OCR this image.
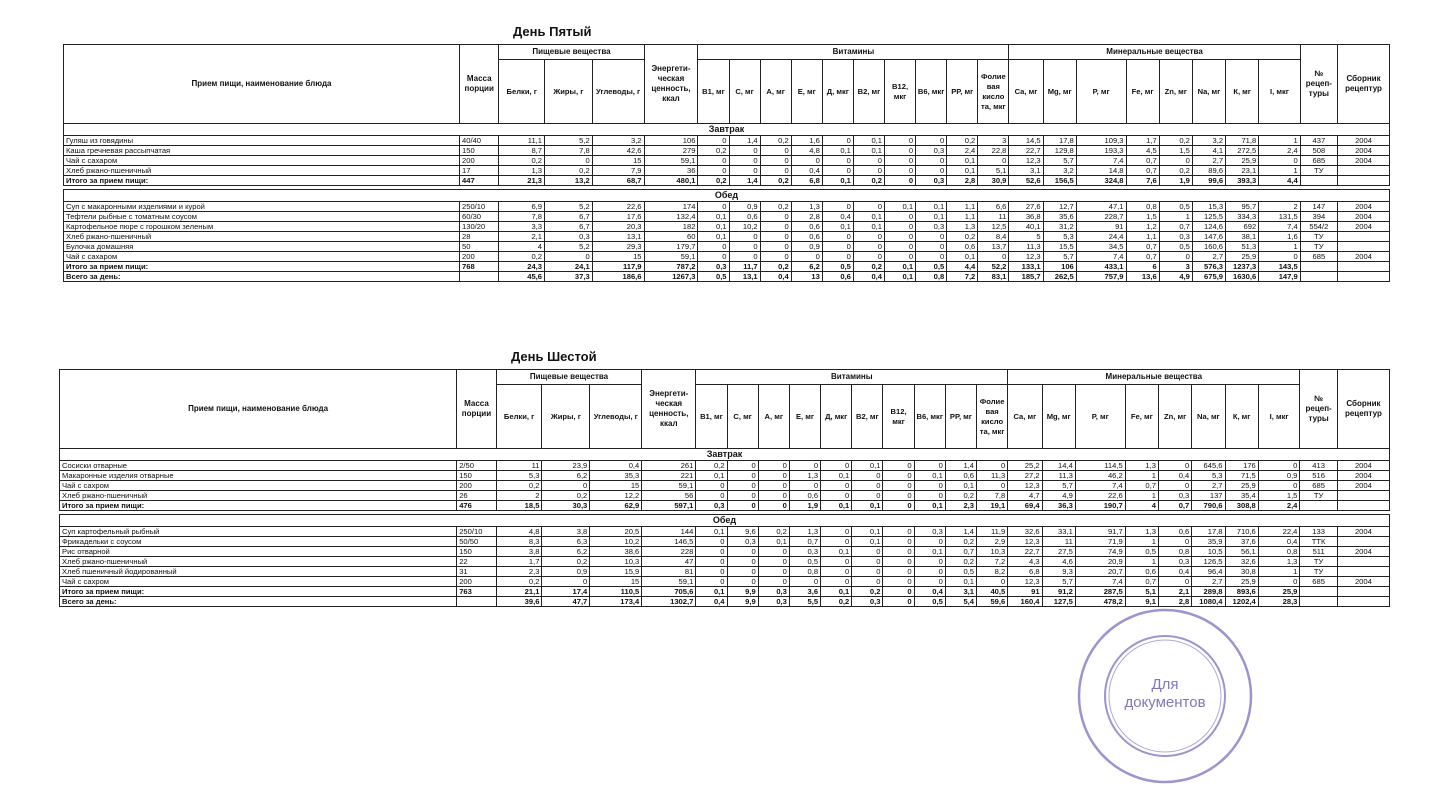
День Пятый
Прием пищи, наименование блюда	Масса порции	Пищевые вещества			Энергети-ческая ценность, ккал	Витамины										Минеральные вещества								№ рецеп-туры	Сборник рецептур
		Белки, г	Жиры, г	Углеводы, г		В1, мг	С, мг	А, мг	Е, мг	Д, мкг	В2, мг	В12, мкг	В6, мкг	РР, мг	Фолие вая кисло та, мкг	Са, мг	Mg, мг	Р, мг	Fe, мг	Zn, мг	Na, мг	К, мг	I, мкг		
Завтрак																									
Гуляш из говядины	40/40	11,1	5,2	3,2	106	0	1,4	0,2	1,6	0	0,1	0	0	0,2	3	14,5	17,8	109,3	1,7	0,2	3,2	71,8	1	437	2004
Каша гречневая рассыпчатая	150	8,7	7,8	42,6	279	0,2	0	0	4,8	0,1	0,1	0	0,3	2,4	22,8	22,7	129,8	193,3	4,5	1,5	4,1	272,5	2,4	508	2004
Чай с сахаром	200	0,2	0	15	59,1	0	0	0	0	0	0	0	0	0,1	0	12,3	5,7	7,4	0,7	0	2,7	25,9	0	685	2004
Хлеб ржано-пшеничный	17	1,3	0,2	7,9	36	0	0	0	0,4	0	0	0	0	0,1	5,1	3,1	3,2	14,8	0,7	0,2	89,6	23,1	1	ТУ	
Итого за прием пищи:	447	21,3	13,2	68,7	480,1	0,2	1,4	0,2	6,8	0,1	0,2	0	0,3	2,8	30,9	52,6	156,5	324,8	7,6	1,9	99,6	393,3	4,4		

Обед																									
Суп с макаронными изделиями и курой	250/10	6,9	5,2	22,6	174	0	0,9	0,2	1,3	0	0	0,1	0,1	1,1	6,6	27,6	12,7	47,1	0,8	0,5	15,3	95,7	2	147	2004
Тефтели рыбные с томатным соусом	60/30	7,8	6,7	17,6	132,4	0,1	0,6	0	2,8	0,4	0,1	0	0,1	1,1	11	36,8	35,6	228,7	1,5	1	125,5	334,3	131,5	394	2004
Картофельное пюре с горошком зеленым	130/20	3,3	6,7	20,3	182	0,1	10,2	0	0,6	0,1	0,1	0	0,3	1,3	12,5	40,1	31,2	91	1,2	0,7	124,6	692	7,4	554/2	2004
Хлеб ржано-пшеничный	28	2,1	0,3	13,1	60	0,1	0	0	0,6	0	0	0	0	0,2	8,4	5	5,3	24,4	1,1	0,3	147,6	38,1	1,6	ТУ	
Булочка домашняя	50	4	5,2	29,3	179,7	0	0	0	0,9	0	0	0	0	0,6	13,7	11,3	15,5	34,5	0,7	0,5	160,6	51,3	1	ТУ	
Чай с сахаром	200	0,2	0	15	59,1	0	0	0	0	0	0	0	0	0,1	0	12,3	5,7	7,4	0,7	0	2,7	25,9	0	685	2004
Итого за прием пищи:	768	24,3	24,1	117,9	787,2	0,3	11,7	0,2	6,2	0,5	0,2	0,1	0,5	4,4	52,2	133,1	106	433,1	6	3	576,3	1237,3	143,5		
Всего за день:		45,6	37,3	186,6	1267,3	0,5	13,1	0,4	13	0,6	0,4	0,1	0,8	7,2	83,1	185,7	262,5	757,9	13,6	4,9	675,9	1630,6	147,9		
День Шестой
Прием пищи, наименование блюда	Масса порции	Пищевые вещества			Энергети-ческая ценность, ккал	Витамины										Минеральные вещества								№ рецеп-туры	Сборник рецептур
		Белки, г	Жиры, г	Углеводы, г		В1, мг	С, мг	А, мг	Е, мг	Д, мкг	В2, мг	В12, мкг	В6, мкг	РР, мг	Фолие вая кисло та, мкг	Са, мг	Mg, мг	Р, мг	Fe, мг	Zn, мг	Na, мг	К, мг	I, мкг		
Завтрак																									
Сосиски отварные	2/50	11	23,9	0,4	261	0,2	0	0	0	0	0,1	0	0	1,4	0	25,2	14,4	114,5	1,3	0	645,6	176	0	413	2004
Макаронные изделия отварные	150	5,3	6,2	35,3	221	0,1	0	0	1,3	0,1	0	0	0,1	0,6	11,3	27,2	11,3	46,2	1	0,4	5,3	71,5	0,9	516	2004
Чай с сахром	200	0,2	0	15	59,1	0	0	0	0	0	0	0	0	0,1	0	12,3	5,7	7,4	0,7	0	2,7	25,9	0	685	2004
Хлеб ржано-пшеничный	26	2	0,2	12,2	56	0	0	0	0,6	0	0	0	0	0,2	7,8	4,7	4,9	22,6	1	0,3	137	35,4	1,5	ТУ	
Итого за прием пищи:	476	18,5	30,3	62,9	597,1	0,3	0	0	1,9	0,1	0,1	0	0,1	2,3	19,1	69,4	36,3	190,7	4	0,7	790,6	308,8	2,4		

Обед																									
Суп картофельный рыбный	250/10	4,8	3,8	20,5	144	0,1	9,6	0,2	1,3	0	0,1	0	0,3	1,4	11,9	32,6	33,1	91,7	1,3	0,6	17,8	710,6	22,4	133	2004
Фрикадельки с соусом	50/50	8,3	6,3	10,2	146,5	0	0,3	0,1	0,7	0	0,1	0	0	0,2	2,9	12,3	11	71,9	1	0	35,9	37,6	0,4	ТТК	
Рис отварной	150	3,8	6,2	38,6	228	0	0	0	0,3	0,1	0	0	0,1	0,7	10,3	22,7	27,5	74,9	0,5	0,8	10,5	56,1	0,8	511	2004
Хлеб ржано-пшеничный	22	1,7	0,2	10,3	47	0	0	0	0,5	0	0	0	0	0,2	7,2	4,3	4,6	20,9	1	0,3	126,5	32,6	1,3	ТУ	
Хлеб пшеничный йодированный	31	2,3	0,9	15,9	81	0	0	0	0,8	0	0	0	0	0,5	8,2	6,8	9,3	20,7	0,6	0,4	96,4	30,8	1	ТУ	
Чай с сахром	200	0,2	0	15	59,1	0	0	0	0	0	0	0	0	0,1	0	12,3	5,7	7,4	0,7	0	2,7	25,9	0	685	2004
Итого за прием пищи:	763	21,1	17,4	110,5	705,6	0,1	9,9	0,3	3,6	0,1	0,2	0	0,4	3,1	40,5	91	91,2	287,5	5,1	2,1	289,8	893,6	25,9		
Всего за день:		39,6	47,7	173,4	1302,7	0,4	9,9	0,3	5,5	0,2	0,3	0	0,5	5,4	59,6	160,4	127,5	478,2	9,1	2,8	1080,4	1202,4	28,3		
Для
документов
